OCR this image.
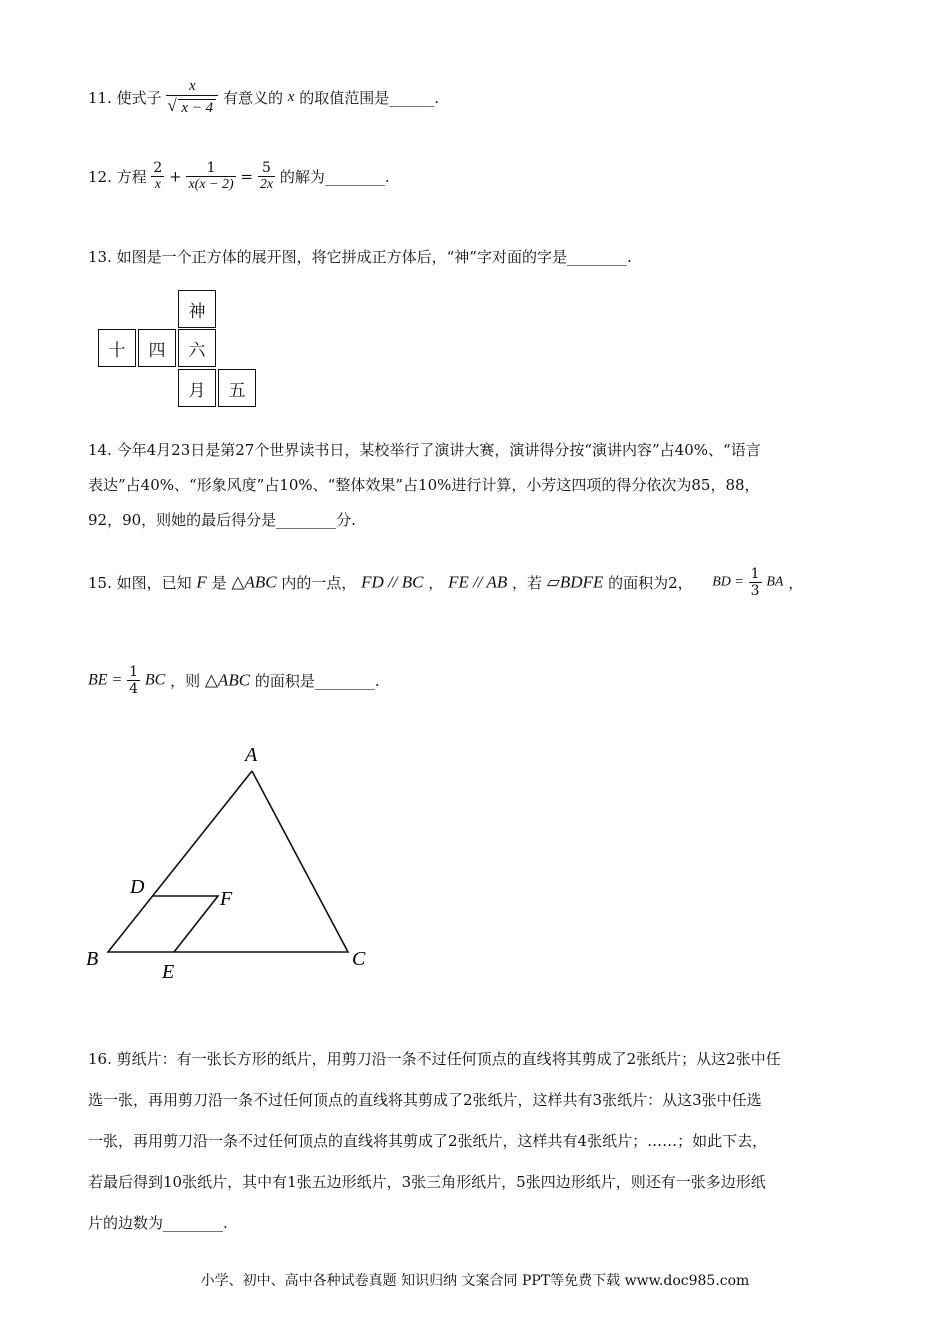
11. 使式子 x
√ x − 4 有意义的 x 的取值范围是______.
12. 方程 $\frac{2}{x} + \frac{1}{x(x - 2)} = \frac{5}{2x}$ 的解为________.
13. 如图是一个正方体的展开图，将它拼成正方体后，“神”字对面的字是________.
神
十	四	六
月	五
14. 今年4月23日是第27个世界读书日，某校举行了演讲大赛，演讲得分按“演讲内容”占40%、“语言
表达”占40%、“形象风度”占10%、“整体效果”占10%进行计算，小芳这四项的得分依次为85，88，
92，90，则她的最后得分是________分.
15. 如图，已知 F 是 △ABC 内的一点， FD // BC ， FE // AB ，若 ▱BDFE 的面积为2， BD = $\frac{1}{3}$ BA ，
BE = $\frac{1}{4}$ BC ，则 △ABC 的面积是________.
A
B	C
D
E
F
16. 剪纸片：有一张长方形的纸片，用剪刀沿一条不过任何顶点的直线将其剪成了2张纸片；从这2张中任
选一张，再用剪刀沿一条不过任何顶点的直线将其剪成了2张纸片，这样共有3张纸片：从这3张中任选
一张，再用剪刀沿一条不过任何顶点的直线将其剪成了2张纸片，这样共有4张纸片；……；如此下去，
若最后得到10张纸片，其中有1张五边形纸片，3张三角形纸片，5张四边形纸片，则还有一张多边形纸
片的边数为________.
小学、初中、高中各种试卷真题 知识归纳 文案合同 PPT等免费下载 www.doc985.com
